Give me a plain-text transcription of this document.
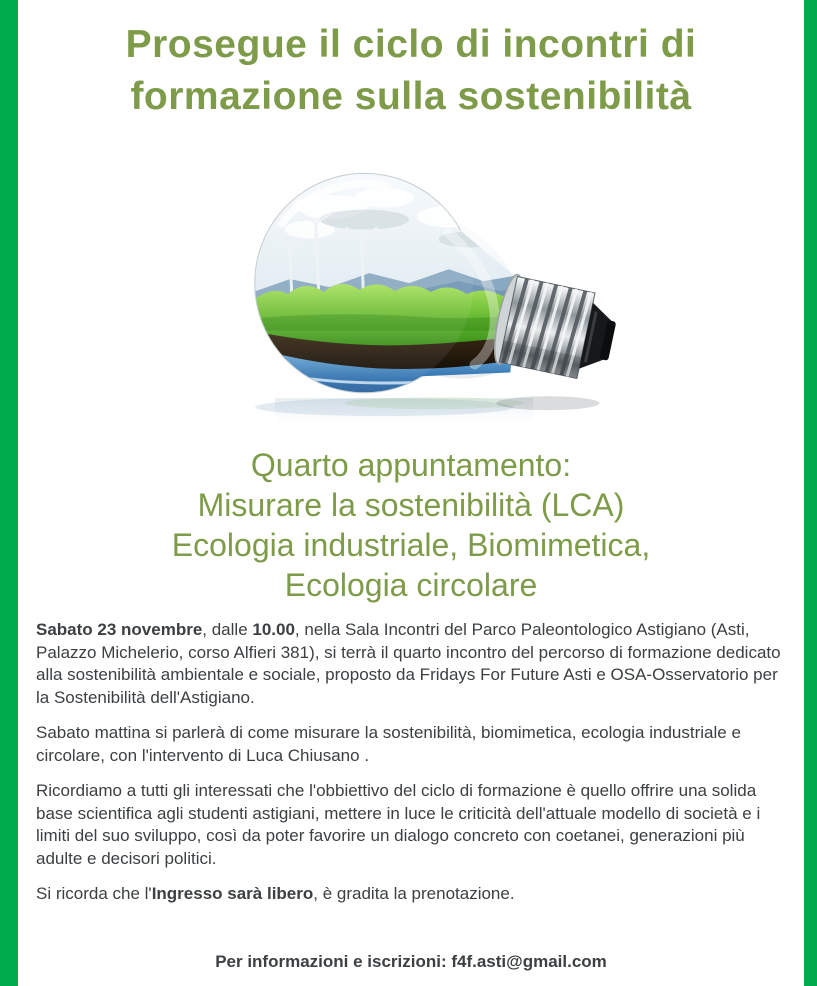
Prosegue il ciclo di incontri di
formazione sulla sostenibilità
Quarto appuntamento:
Misurare la sostenibilità (LCA)
Ecologia industriale, Biomimetica,
Ecologia circolare

Sabato 23 novembre, dalle 10.00, nella Sala Incontri del Parco Paleontologico Astigiano (Asti, Palazzo Michelerio, corso Alfieri 381), si terrà il quarto incontro del percorso di formazione dedicato alla sostenibilità ambientale e sociale, proposto da Fridays For Future Asti e OSA-Osservatorio per la Sostenibilità dell'Astigiano.

Sabato mattina si parlerà di come misurare la sostenibilità, biomimetica, ecologia industriale e circolare, con l'intervento di Luca Chiusano .

Ricordiamo a tutti gli interessati che l'obbiettivo del ciclo di formazione è quello offrire una solida base scientifica agli studenti astigiani, mettere in luce le criticità dell'attuale modello di società e i limiti del suo sviluppo, così da poter favorire un dialogo concreto con coetanei, generazioni più adulte e decisori politici.

Si ricorda che l'Ingresso sarà libero, è gradita la prenotazione.

Per informazioni e iscrizioni: f4f.asti@gmail.com
